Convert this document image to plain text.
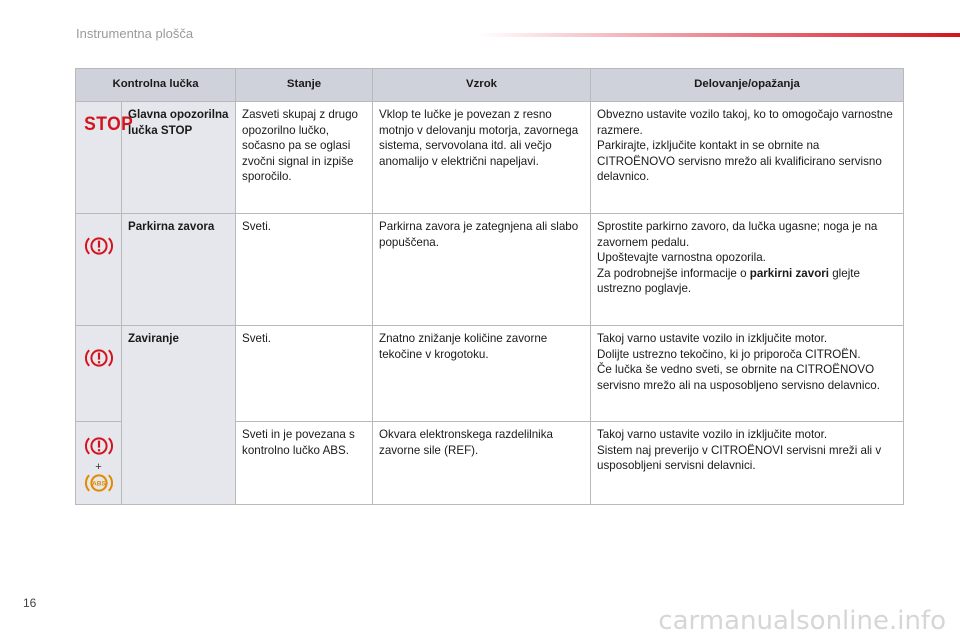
Instrumentna plošča
Kontrolna lučka		Stanje	Vzrok	Delovanje/opažanja
STOP	Glavna opozorilna lučka STOP	Zasveti skupaj z drugo opozorilno lučko, sočasno pa se oglasi zvočni signal in izpiše sporočilo.	Vklop te lučke je povezan z resno motnjo v delovanju motorja, zavornega sistema, servovolana itd. ali večjo anomalijo v električni napeljavi.	Obvezno ustavite vozilo takoj, ko to omogočajo varnostne razmere.
Parkirajte, izključite kontakt in se obrnite na CITROËNOVO servisno mrežo ali kvalificirano servisno delavnico.
	Parkirna zavora	Sveti.	Parkirna zavora je zategnjena ali slabo popuščena.	Sprostite parkirno zavoro, da lučka ugasne; noga je na zavornem pedalu.
Upoštevajte varnostna opozorila.
Za podrobnejše informacije o parkirni zavori glejte ustrezno poglavje.
	Zaviranje	Sveti.	Znatno znižanje količine zavorne tekočine v krogotoku.	Takoj varno ustavite vozilo in izključite motor.
Dolijte ustrezno tekočino, ki jo priporoča CITROËN.
Če lučka še vedno sveti, se obrnite na CITROËNOVO servisno mrežo ali na usposobljeno servisno delavnico.

+
ABS		Sveti in je povezana s kontrolno lučko ABS.	Okvara elektronskega razdelilnika zavorne sile (REF).	Takoj varno ustavite vozilo in izključite motor.
Sistem naj preverijo v CITROËNOVI servisni mreži ali v usposobljeni servisni delavnici.
16
carmanualsonline.info
